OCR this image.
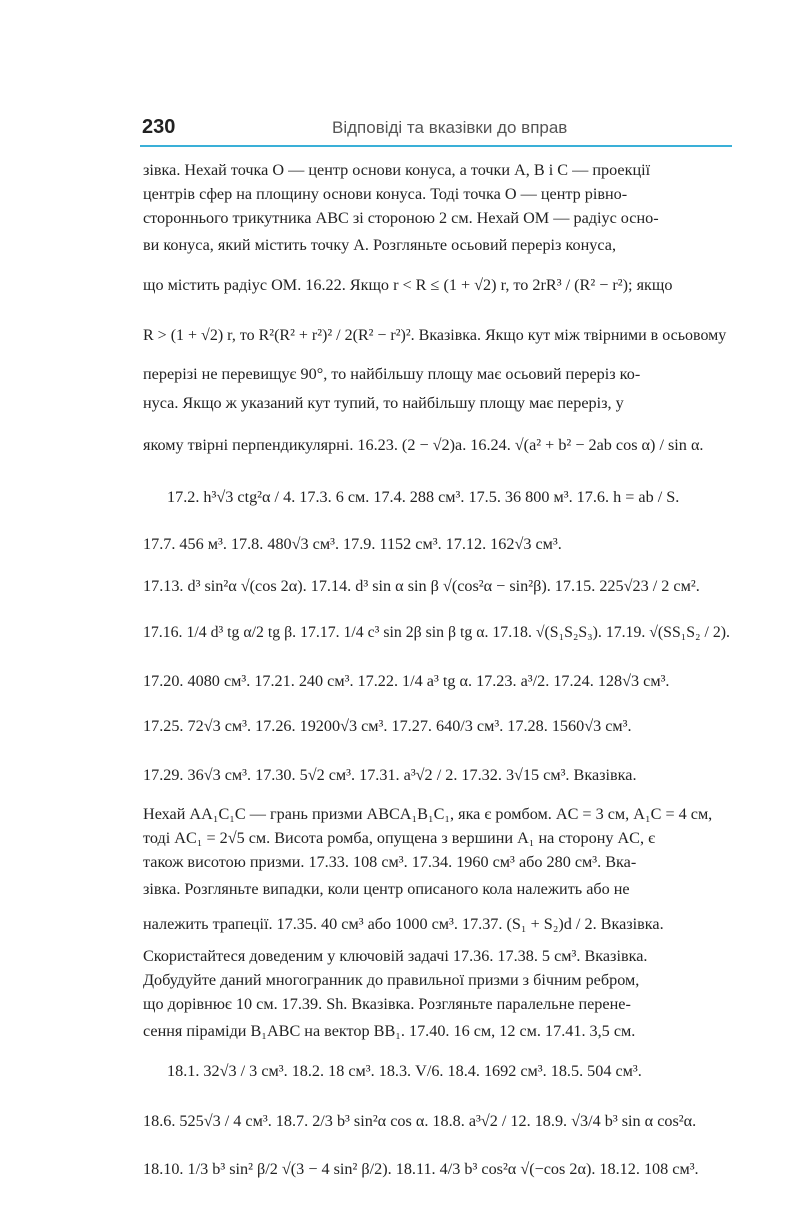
230	Відповіді та вказівки до вправ

зівка. Нехай точка O — центр основи конуса, а точки A, B і C — проекції

центрів сфер на площину основи конуса. Тоді точка O — центр рівно-

стороннього трикутника ABC зі стороною 2 см. Нехай OM — радіус осно-

ви конуса, який містить точку A. Розгляньте осьовий переріз конуса,

що містить радіус OM. 16.22. Якщо r < R ≤ (1 + √2) r, то 2rR³ / (R² − r²); якщо

R > (1 + √2) r, то R²(R² + r²)² / 2(R² − r²)². Вказівка. Якщо кут між твірними в осьовому

перерізі не перевищує 90°, то найбільшу площу має осьовий переріз ко-

нуса. Якщо ж указаний кут тупий, то найбільшу площу має переріз, у

якому твірні перпендикулярні. 16.23. (2 − √2)a. 16.24. √(a² + b² − 2ab cos α) / sin α.

17.2. h³√3 ctg²α / 4. 17.3. 6 см. 17.4. 288 см³. 17.5. 36 800 м³. 17.6. h = ab / S.

17.7. 456 м³. 17.8. 480√3 см³. 17.9. 1152 см³. 17.12. 162√3 см³.

17.13. d³ sin²α √(cos 2α). 17.14. d³ sin α sin β √(cos²α − sin²β). 17.15. 225√23 / 2 см².

17.16. 1/4 d³ tg α/2 tg β. 17.17. 1/4 c³ sin 2β sin β tg α. 17.18. √(S₁S₂S₃). 17.19. √(SS₁S₂ / 2).

17.20. 4080 см³. 17.21. 240 см³. 17.22. 1/4 a³ tg α. 17.23. a³/2. 17.24. 128√3 см³.

17.25. 72√3 см³. 17.26. 19200√3 см³. 17.27. 640/3 см³. 17.28. 1560√3 см³.

17.29. 36√3 см³. 17.30. 5√2 см³. 17.31. a³√2 / 2. 17.32. 3√15 см³. Вказівка.

Нехай AA₁C₁C — грань призми ABCA₁B₁C₁, яка є ромбом. AC = 3 см, A₁C = 4 см,

тоді AC₁ = 2√5 см. Висота ромба, опущена з вершини A₁ на сторону AC, є

також висотою призми. 17.33. 108 см³. 17.34. 1960 см³ або 280 см³. Вка-

зівка. Розгляньте випадки, коли центр описаного кола належить або не

належить трапеції. 17.35. 40 см³ або 1000 см³. 17.37. (S₁ + S₂)d / 2. Вказівка.

Скористайтеся доведеним у ключовій задачі 17.36. 17.38. 5 см³. Вказівка.

Добудуйте даний многогранник до правильної призми з бічним ребром,

що дорівнює 10 см. 17.39. Sh. Вказівка. Розгляньте паралельне перене-

сення піраміди B₁ABC на вектор BB₁. 17.40. 16 см, 12 см. 17.41. 3,5 см.

18.1. 32√3 / 3 см³. 18.2. 18 см³. 18.3. V/6. 18.4. 1692 см³. 18.5. 504 см³.

18.6. 525√3 / 4 см³. 18.7. 2/3 b³ sin²α cos α. 18.8. a³√2 / 12. 18.9. √3/4 b³ sin α cos²α.

18.10. 1/3 b³ sin² β/2 √(3 − 4 sin² β/2). 18.11. 4/3 b³ cos²α √(−cos 2α). 18.12. 108 см³.
